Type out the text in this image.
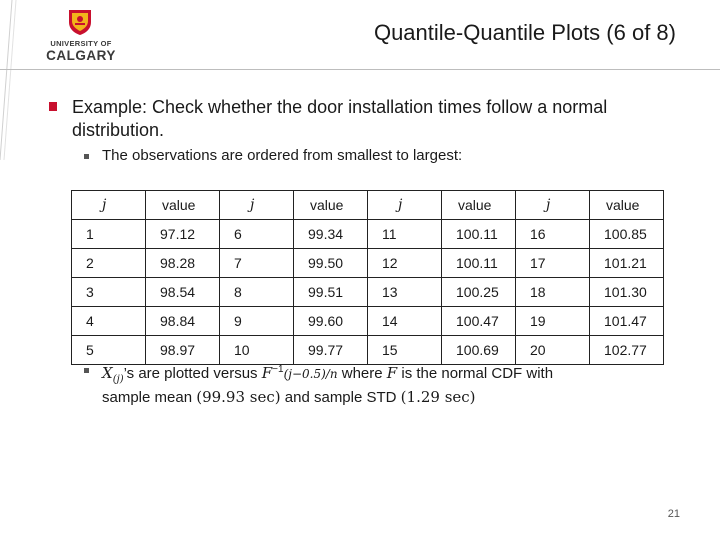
UNIVERSITY OF
CALGARY
Quantile-Quantile Plots (6 of 8)
Example: Check whether the door installation times follow a normal distribution.
The observations are ordered from smallest to largest:
j	value	j	value	j	value	j	value
1	97.12	6	99.34	11	100.11	16	100.85
2	98.28	7	99.50	12	100.11	17	101.21
3	98.54	8	99.51	13	100.25	18	101.30
4	98.84	9	99.60	14	100.47	19	101.47
5	98.97	10	99.77	15	100.69	20	102.77
$X_{(j)}’s$ are plotted versus $F^{-1}(j-0.5)/n$ where F is the normal CDF with
sample mean (99.93 sec) and sample STD (1.29 sec)
21
